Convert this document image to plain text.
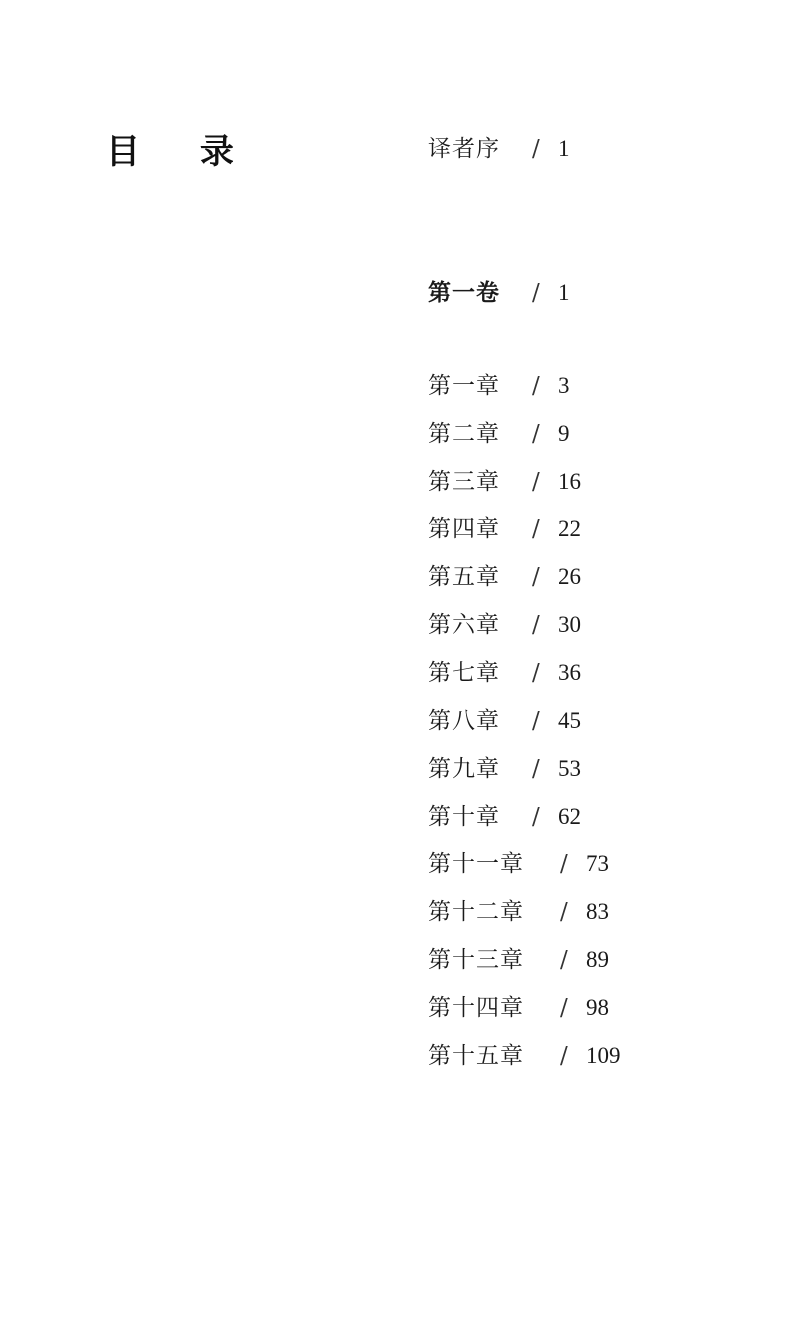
目 录	译者序 / 1
第一卷 / 1
第一章 / 3
第二章 / 9
第三章 / 16
第四章 / 22
第五章 / 26
第六章 / 30
第七章 / 36
第八章 / 45
第九章 / 53
第十章 / 62
第十一章 / 73
第十二章 / 83
第十三章 / 89
第十四章 / 98
第十五章 / 109
